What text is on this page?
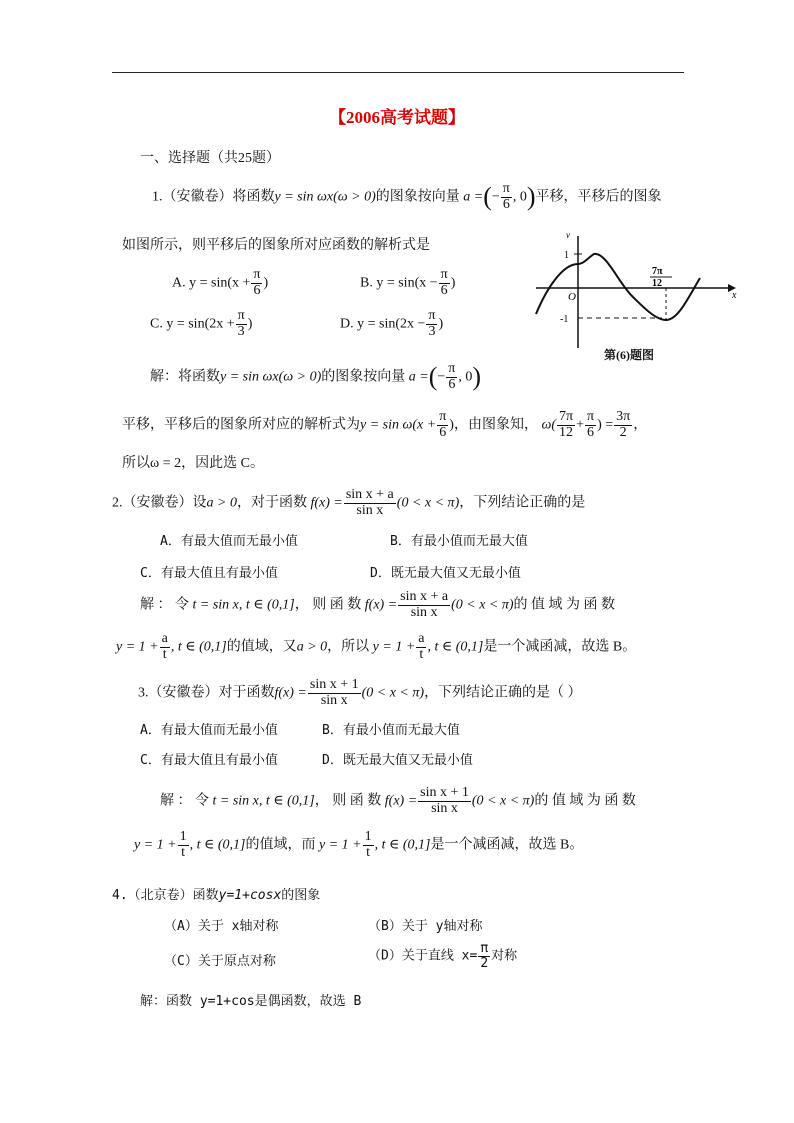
【2006高考试题】
一、选择题（共25题）
1.（安徽卷）将函数y = sin ωx(ω > 0)的图象按向量 a =(− $\frac{\pi}{6}$ , 0)平移，平移后的图象
如图所示，则平移后的图象所对应函数的解析式是
A. $y = \sin(x + \frac{\pi}{6}$ )	B. $y = \sin(x - \frac{\pi}{6}$ )
C. $y = \sin(2x + \frac{\pi}{3}$ )	D. $y = \sin(2x - \frac{\pi}{3}$ )
1
-1
O	x
v
7π
12
第(6)题图
解：将函数y = sin ωx(ω > 0)的图象按向量 a =(− $\frac{\pi}{6}$ , 0)
平移，平移后的图象所对应的解析式为$y = \sin \omega(x + \frac{\pi}{6}$ )，由图象知， $\omega( \frac{7\pi}{12} + \frac{\pi}{6}$ ) = $\frac{3\pi}{2}$ ，
所以ω = 2，因此选 C。
2.（安徽卷）设a > 0，对于函数 $f(x) = \frac{\text{sin x + a}}{\text{sin x}} (0 < x < \pi)$，下列结论正确的是
A．有最大值而无最小值	B．有最小值而无最大值
C．有最大值且有最小值	D．既无最大值又无最小值
解 ： 令 t = sin x, t ∈ (0,1]， 则 函 数 $f(x) = \frac{\text{sin x + a}}{\text{sin x}} (0 < x < \pi)$的 值 域 为 函 数
$y = 1 + \frac{a}{t}$ , t ∈ (0,1]的值域，又a > 0，所以 $y = 1 + \frac{a}{t}$ , t ∈ (0,1]是一个减函减，故选 B。
3.（安徽卷）对于函数$f(x) = \frac{\text{sin x + 1}}{\text{sin x}} (0 < x < \pi)$，下列结论正确的是（ ）
A．有最大值而无最小值	B．有最小值而无最大值
C．有最大值且有最小值	D．既无最大值又无最小值
解 ： 令 t = sin x, t ∈ (0,1]， 则 函 数 $f(x) = \frac{\text{sin x + 1}}{\text{sin x}} (0 < x < \pi)$的 值 域 为 函 数
$y = 1 + \frac{1}{t}$ , t ∈ (0,1]的值域，而 $y = 1 + \frac{1}{t}$ , t ∈ (0,1]是一个减函减，故选 B。
4.（北京卷）函数y=1+cosx的图象
（A）关于 x轴对称	（B）关于 y轴对称
（C）关于原点对称	（D）关于直线 $x= \frac{\pi}{2}$ 对称
解：函数 y=1+cos是偶函数，故选 B
